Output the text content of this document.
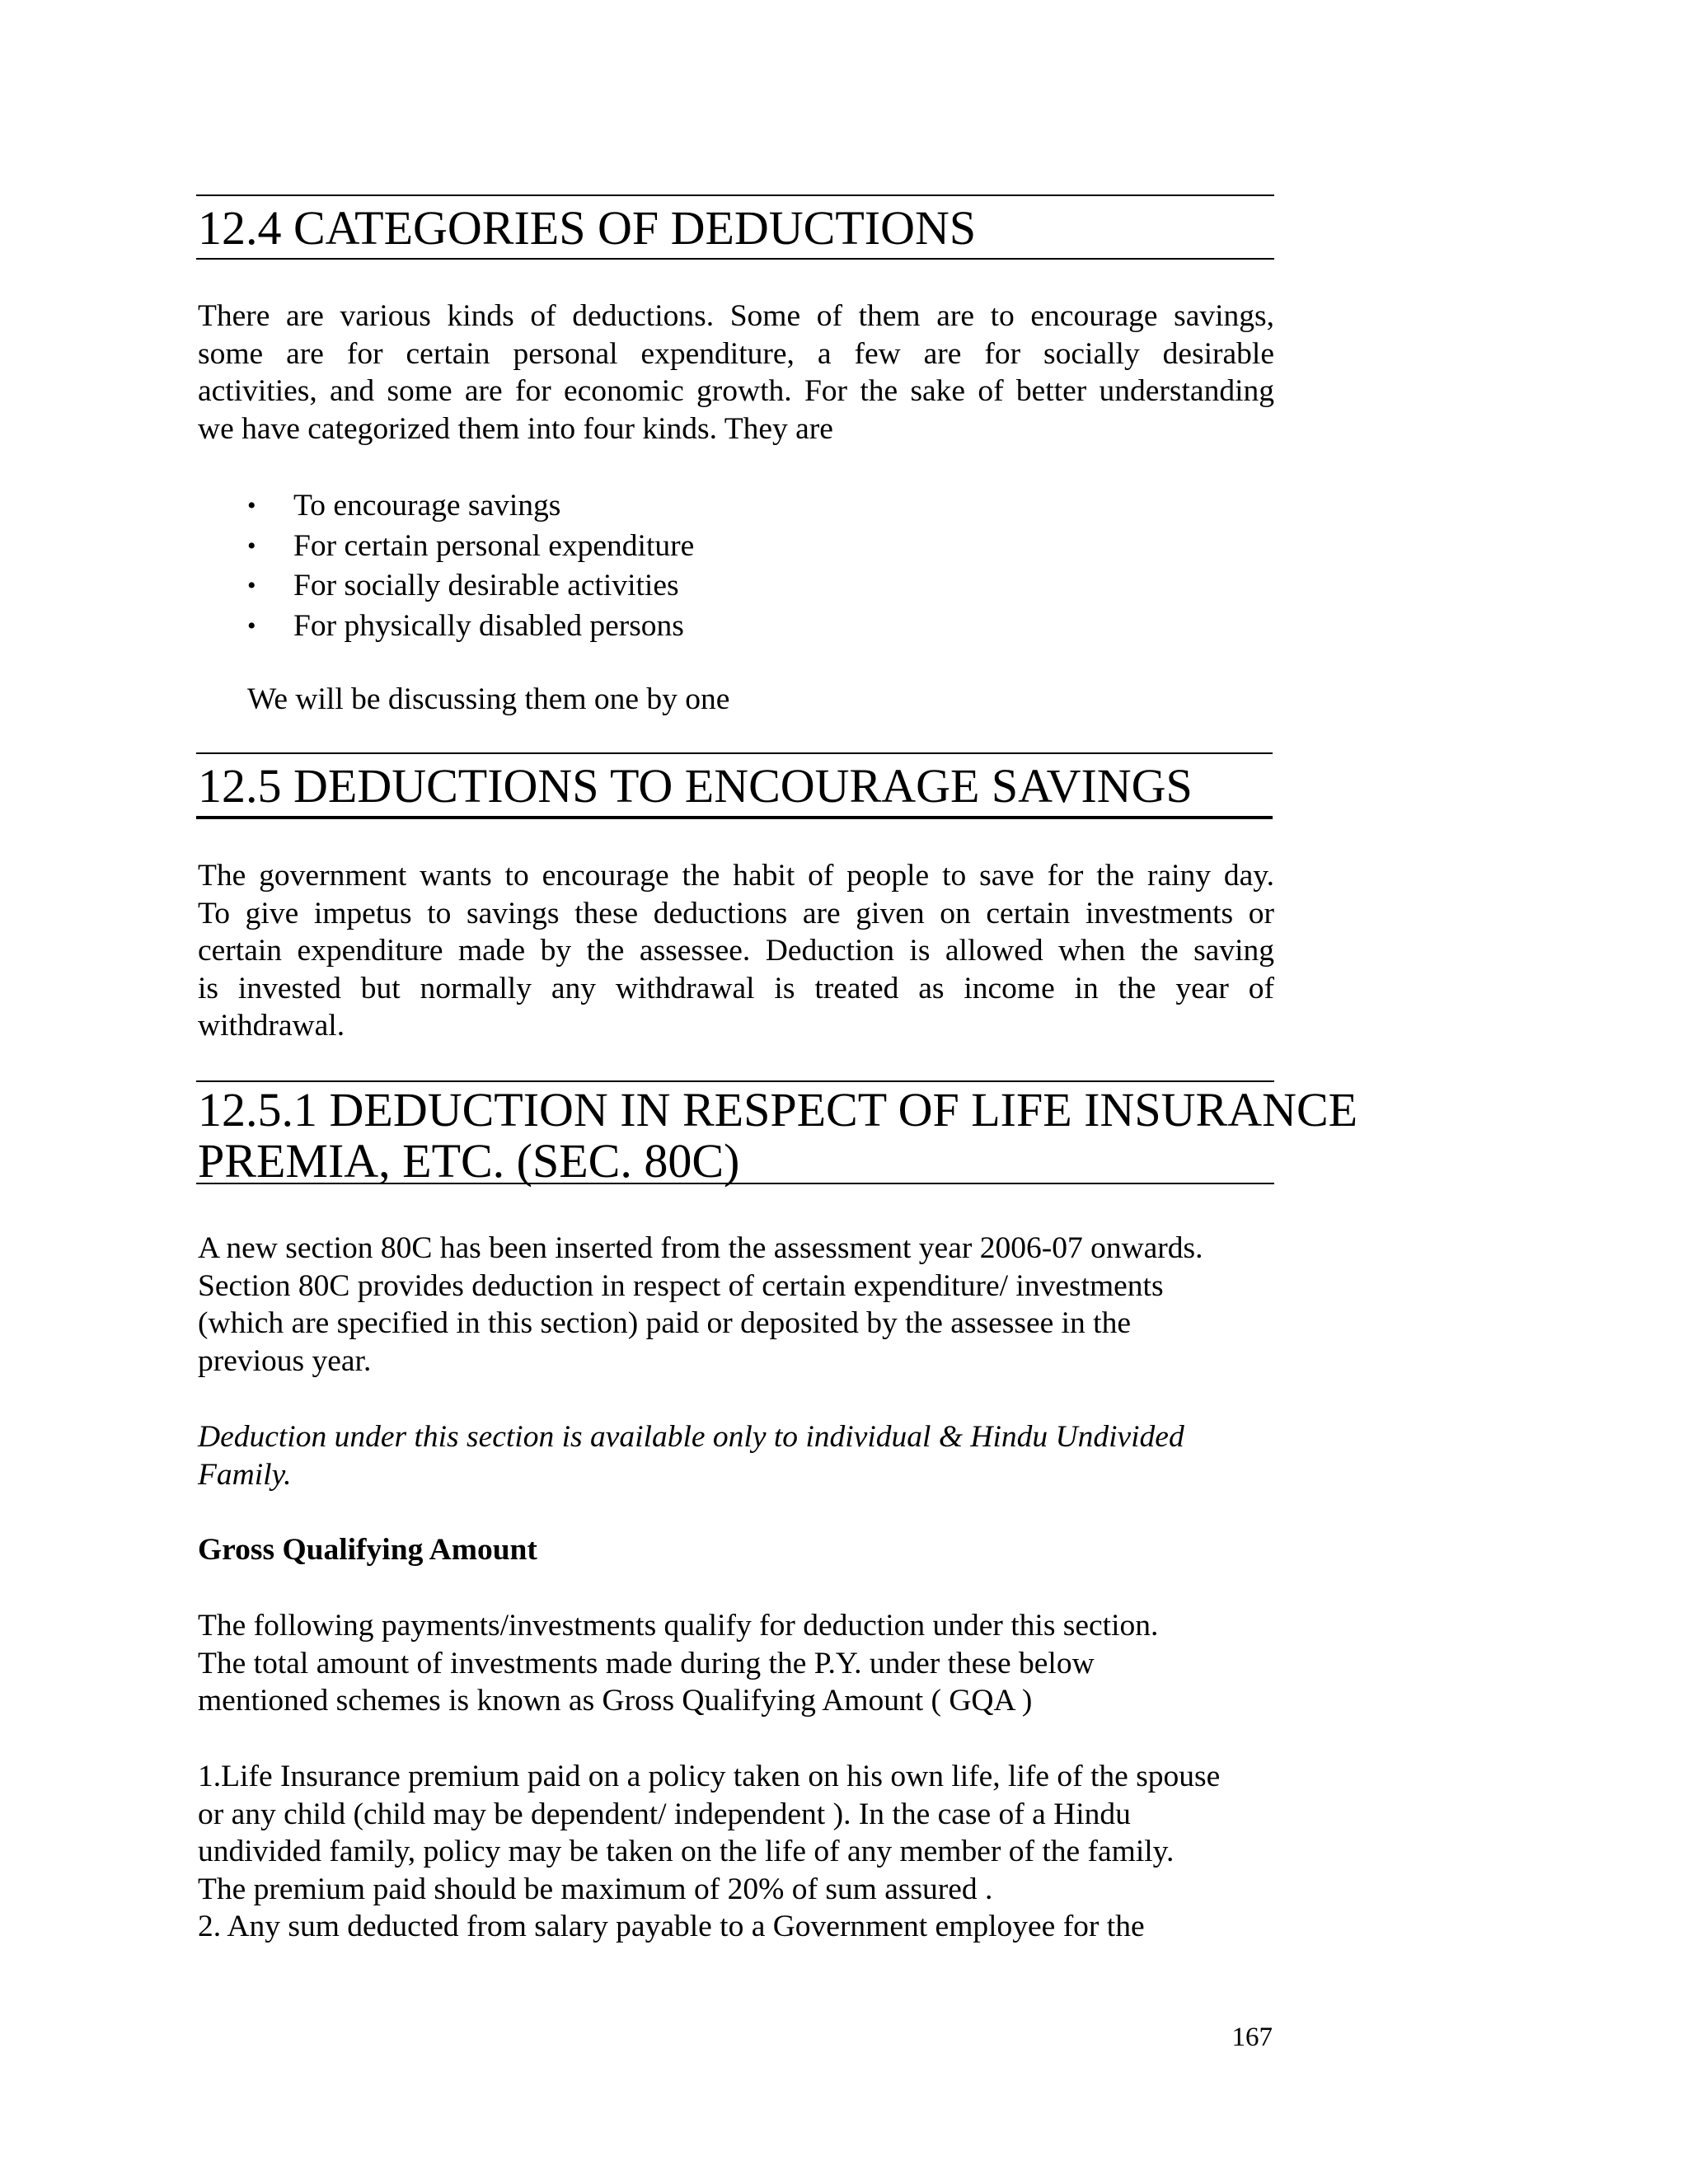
12.4 CATEGORIES OF DEDUCTIONS

There are various kinds of deductions. Some of them are to encourage savings,
some are for certain personal expenditure, a few are for socially desirable
activities, and some are for economic growth. For the sake of better understanding
we have categorized them into four kinds. They are

• To encourage savings
• For certain personal expenditure
• For socially desirable activities
• For physically disabled persons

We will be discussing them one by one

12.5 DEDUCTIONS TO ENCOURAGE SAVINGS

The government wants to encourage the habit of people to save for the rainy day.
To give impetus to savings these deductions are given on certain investments or
certain expenditure made by the assessee. Deduction is allowed when the saving
is invested but normally any withdrawal is treated as income in the year of
withdrawal.

12.5.1 DEDUCTION IN RESPECT OF LIFE INSURANCE
PREMIA, ETC. (SEC. 80C)

A new section 80C has been inserted from the assessment year 2006-07 onwards.
Section 80C provides deduction in respect of certain expenditure/ investments
(which are specified in this section) paid or deposited by the assessee in the
previous year.

Deduction under this section is available only to individual & Hindu Undivided
Family.

Gross Qualifying Amount

The following payments/investments qualify for deduction under this section.
The total amount of investments made during the P.Y. under these below
mentioned schemes is known as Gross Qualifying Amount ( GQA )

1.Life Insurance premium paid on a policy taken on his own life, life of the spouse
or any child (child may be dependent/ independent ). In the case of a Hindu
undivided family, policy may be taken on the life of any member of the family.
The premium paid should be maximum of 20% of sum assured .
2. Any sum deducted from salary payable to a Government employee for the

167
